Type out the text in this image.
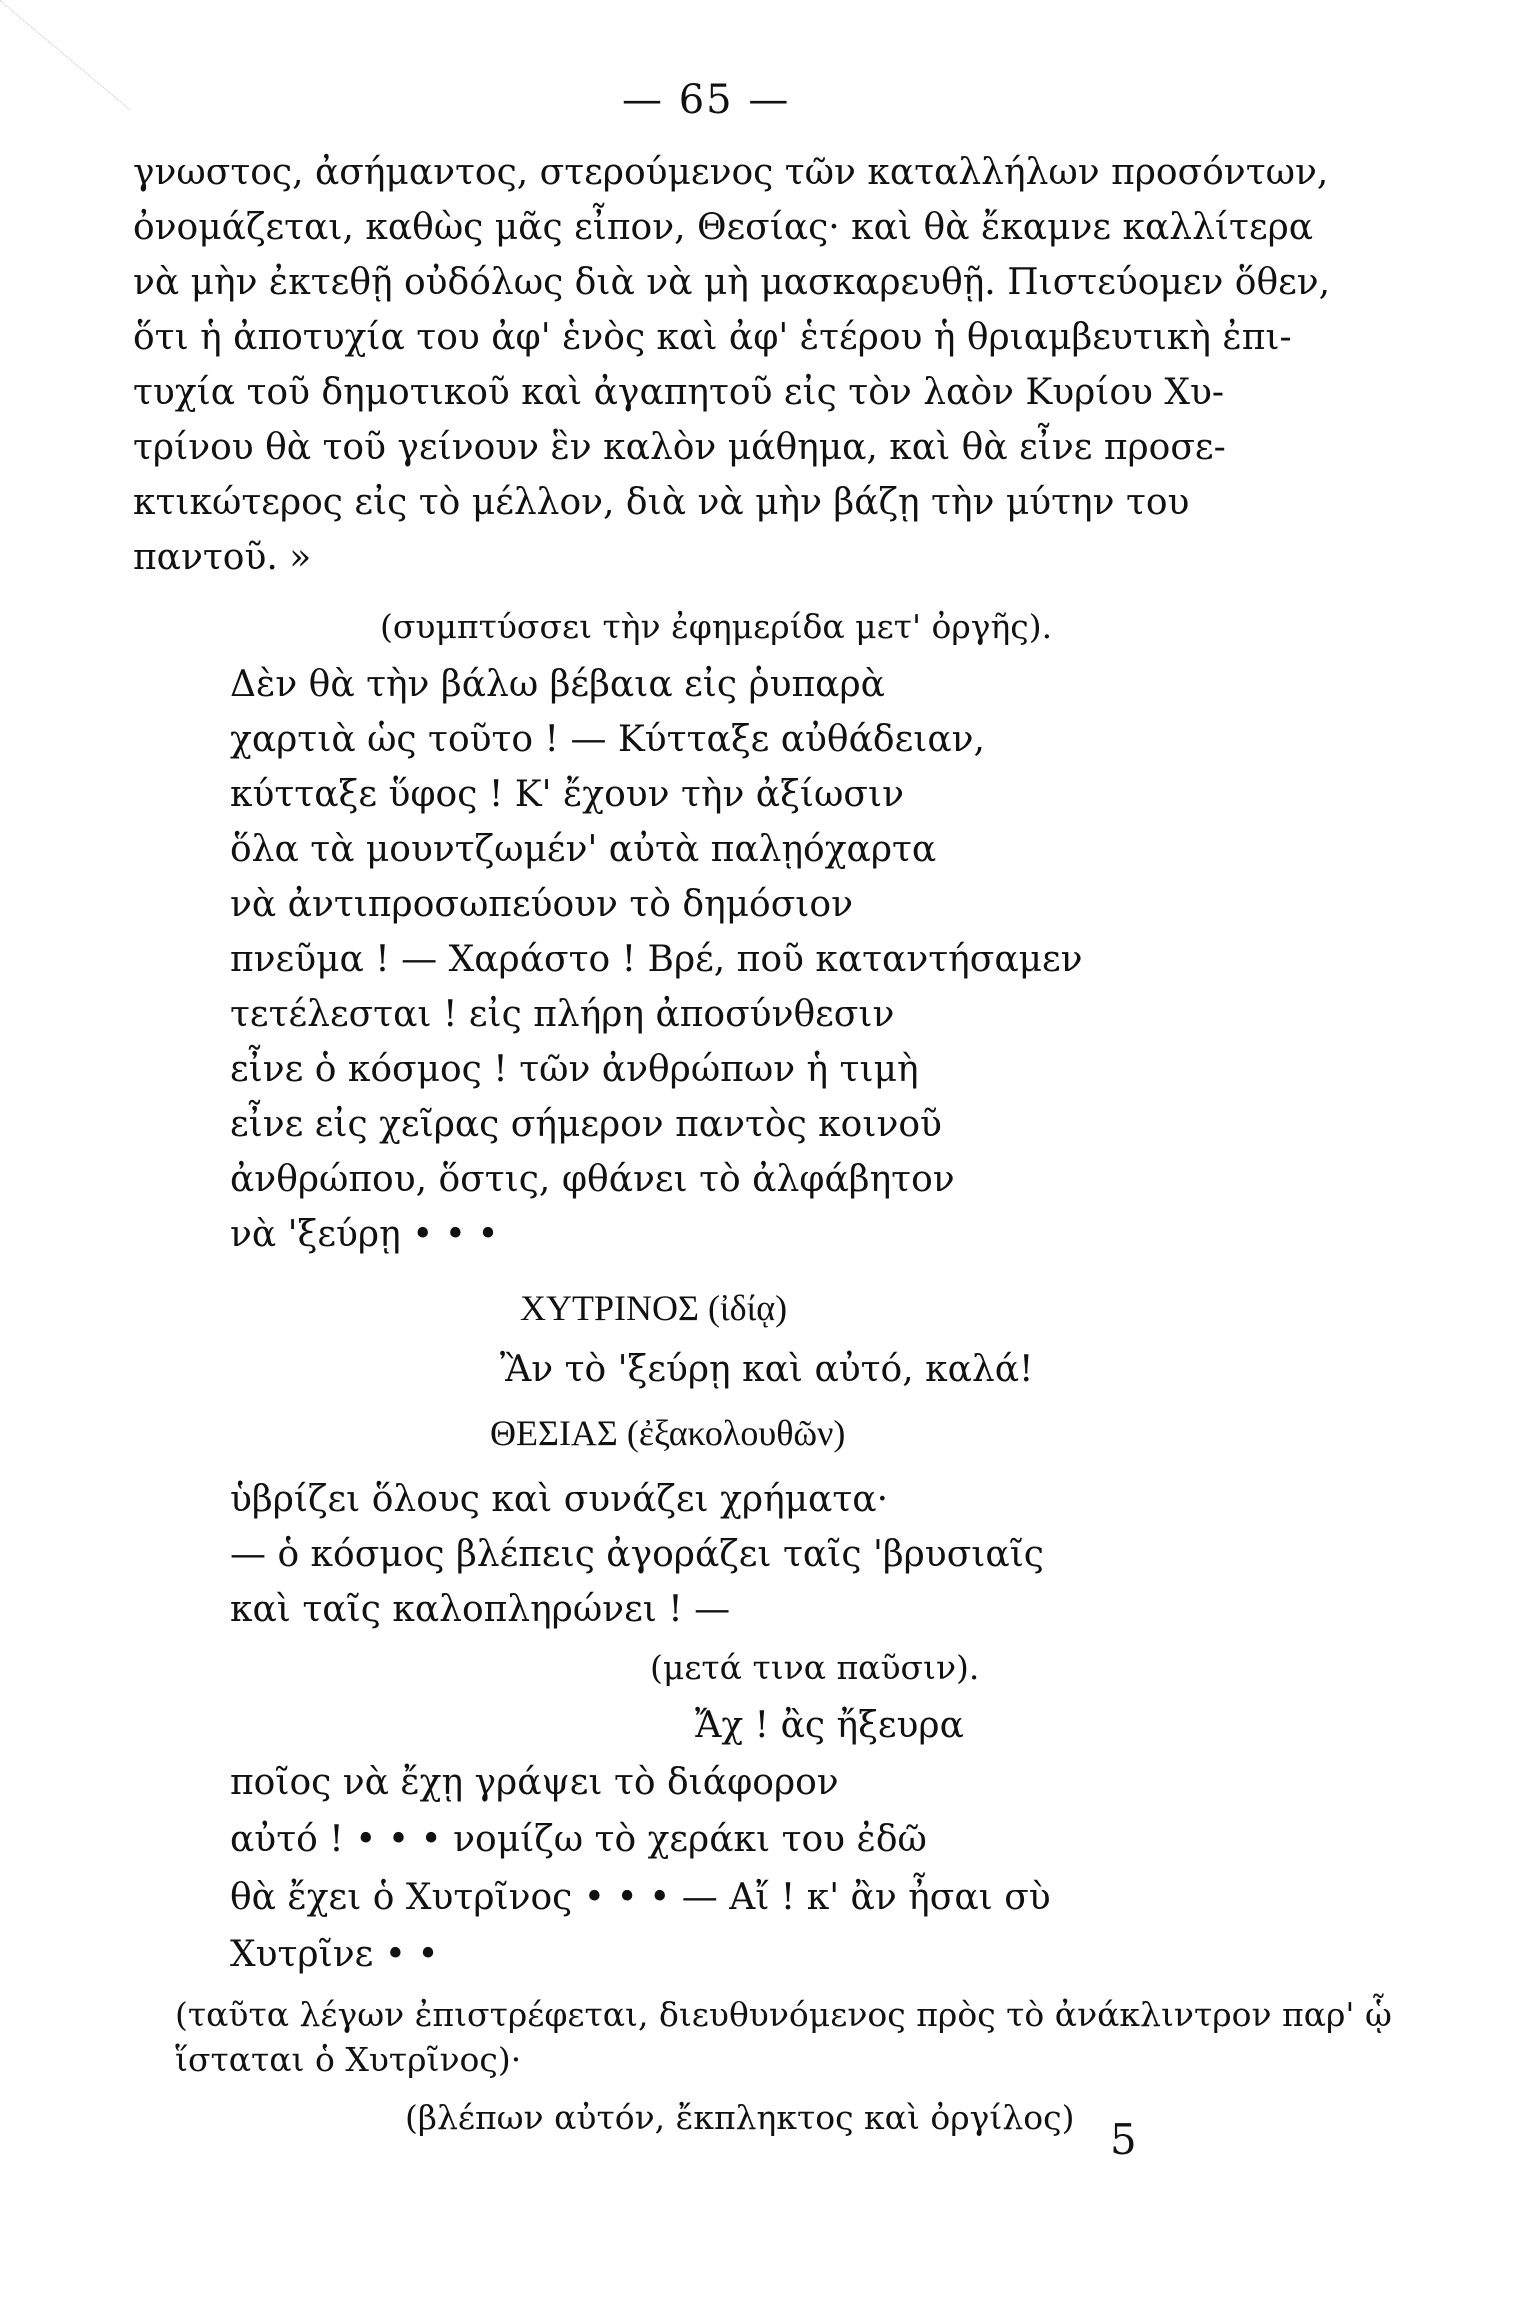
— 65 —
γνωστος, ἀσήμαντος, στερούμενος τῶν καταλλήλων προσόντων,
ὀνομάζεται, καθὼς μᾶς εἶπον, Θεσίας· καὶ θὰ ἔκαμνε καλλίτερα
νὰ μὴν ἐκτεθῇ οὐδόλως διὰ νὰ μὴ μασκαρευθῇ. Πιστεύομεν ὅθεν,
ὅτι ἡ ἀποτυχία του ἀφ' ἑνὸς καὶ ἀφ' ἑτέρου ἡ θριαμβευτικὴ ἐπι-
τυχία τοῦ δημοτικοῦ καὶ ἀγαπητοῦ εἰς τὸν λαὸν Κυρίου Χυ-
τρίνου θὰ τοῦ γείνουν ἓν καλὸν μάθημα, καὶ θὰ εἶνε προσε-
κτικώτερος εἰς τὸ μέλλον, διὰ νὰ μὴν βάζῃ τὴν μύτην του
παντοῦ. »
(συμπτύσσει τὴν ἐφημερίδα μετ' ὀργῆς).
Δὲν θὰ τὴν βάλω βέβαια εἰς ῥυπαρὰ
χαρτιὰ ὡς τοῦτο ! — Κύτταξε αὐθάδειαν,
κύτταξε ὕφος ! Κ' ἔχουν τὴν ἀξίωσιν
ὅλα τὰ μουντζωμέν' αὐτὰ παλῃόχαρτα
νὰ ἀντιπροσωπεύουν τὸ δημόσιον
πνεῦμα ! — Χαράστο ! Βρέ, ποῦ καταντήσαμεν
τετέλεσται ! εἰς πλήρη ἀποσύνθεσιν
εἶνε ὁ κόσμος ! τῶν ἀνθρώπων ἡ τιμὴ
εἶνε εἰς χεῖρας σήμερον παντὸς κοινοῦ
ἀνθρώπου, ὅστις, φθάνει τὸ ἀλφάβητον
νὰ 'ξεύρῃ • • •
ΧΥΤΡΙΝΟΣ (ἰδίᾳ)
Ἂν τὸ 'ξεύρῃ καὶ αὐτό, καλά!
ΘΕΣΙΑΣ (ἐξακολουθῶν)
ὑβρίζει ὅλους καὶ συνάζει χρήματα·
— ὁ κόσμος βλέπεις ἀγοράζει ταῖς 'βρυσιαῖς
καὶ ταῖς καλοπληρώνει ! —
(μετά τινα παῦσιν).
Ἄχ ! ἂς ἤξευρα
ποῖος νὰ ἔχῃ γράψει τὸ διάφορον
αὐτό ! • • • νομίζω τὸ χεράκι του ἐδῶ
θὰ ἔχει ὁ Χυτρῖνος • • • — Αἴ ! κ' ἂν ἦσαι σὺ
Χυτρῖνε • •
(ταῦτα λέγων ἐπιστρέφεται, διευθυνόμενος πρὸς τὸ ἀνάκλιντρον παρ' ᾧ
ἵσταται ὁ Χυτρῖνος)·
(βλέπων αὐτόν, ἔκπληκτος καὶ ὀργίλος) 5
